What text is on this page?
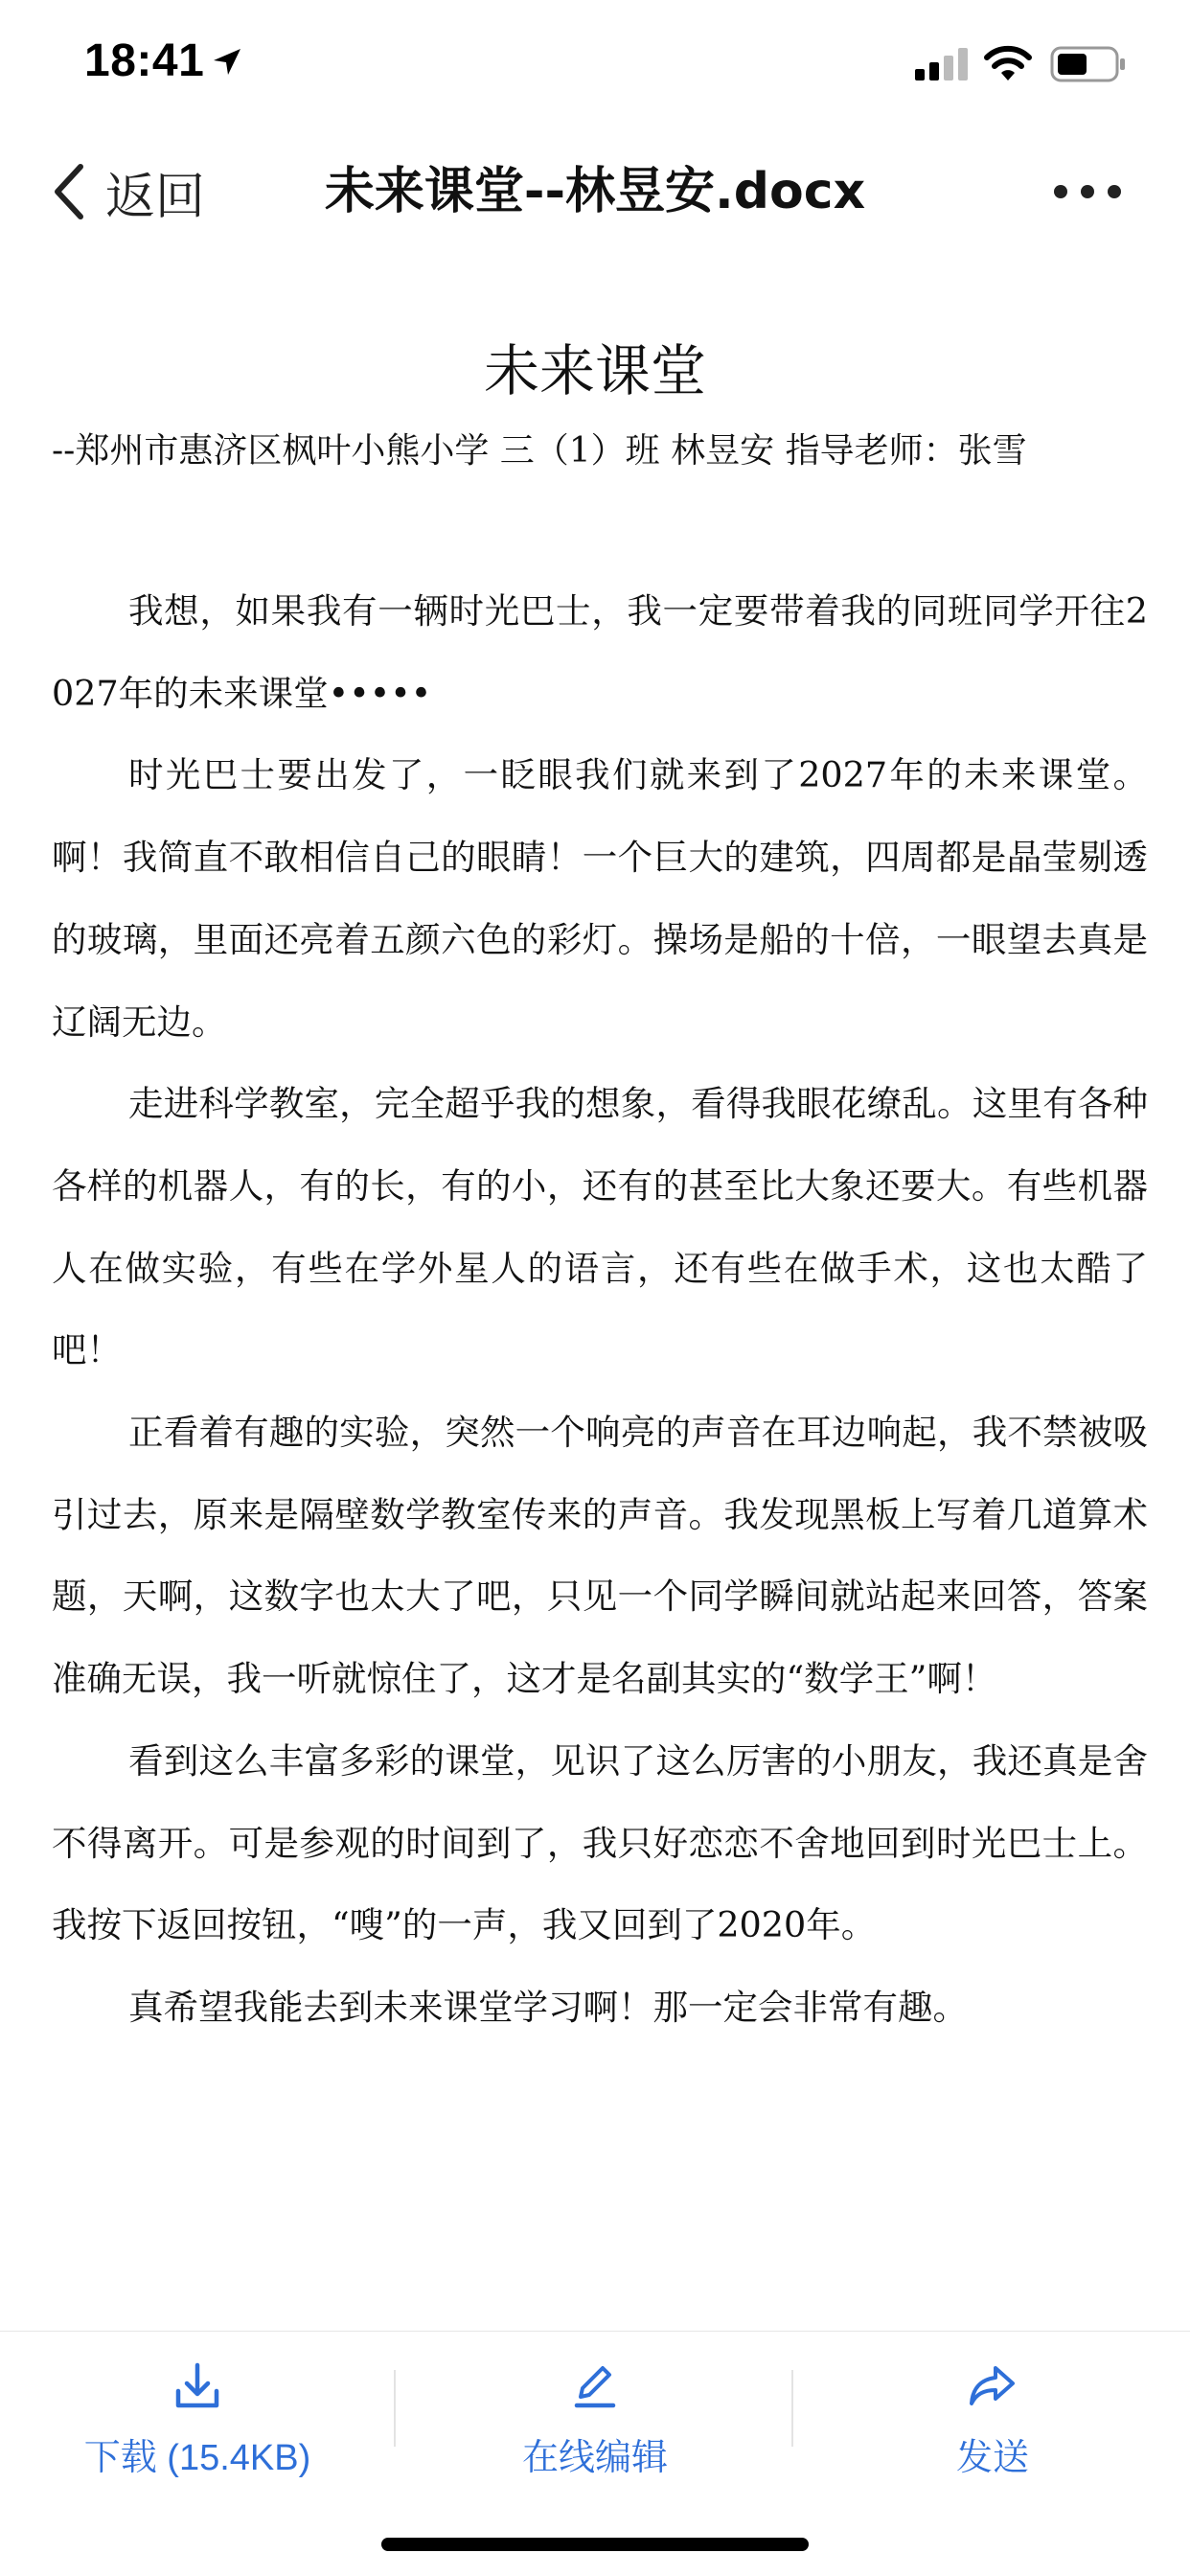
18:41
返回	未来课堂--林昱安.docx
未来课堂
--郑州市惠济区枫叶小熊小学 三（1）班 林昱安 指导老师：张雪

我想，如果我有一辆时光巴士，我一定要带着我的同班同学开往2027年的未来课堂•••••

时光巴士要出发了，一眨眼我们就来到了2027年的未来课堂。啊！我简直不敢相信自己的眼睛！一个巨大的建筑，四周都是晶莹剔透的玻璃，里面还亮着五颜六色的彩灯。操场是船的十倍，一眼望去真是辽阔无边。

走进科学教室，完全超乎我的想象，看得我眼花缭乱。这里有各种各样的机器人，有的长，有的小，还有的甚至比大象还要大。有些机器人在做实验，有些在学外星人的语言，还有些在做手术，这也太酷了吧！

正看着有趣的实验，突然一个响亮的声音在耳边响起，我不禁被吸引过去，原来是隔壁数学教室传来的声音。我发现黑板上写着几道算术题，天啊，这数字也太大了吧，只见一个同学瞬间就站起来回答，答案准确无误，我一听就惊住了，这才是名副其实的“数学王”啊！

看到这么丰富多彩的课堂，见识了这么厉害的小朋友，我还真是舍不得离开。可是参观的时间到了，我只好恋恋不舍地回到时光巴士上。我按下返回按钮，“嗖”的一声，我又回到了2020年。

真希望我能去到未来课堂学习啊！那一定会非常有趣。

下载 (15.4KB)	在线编辑	发送
